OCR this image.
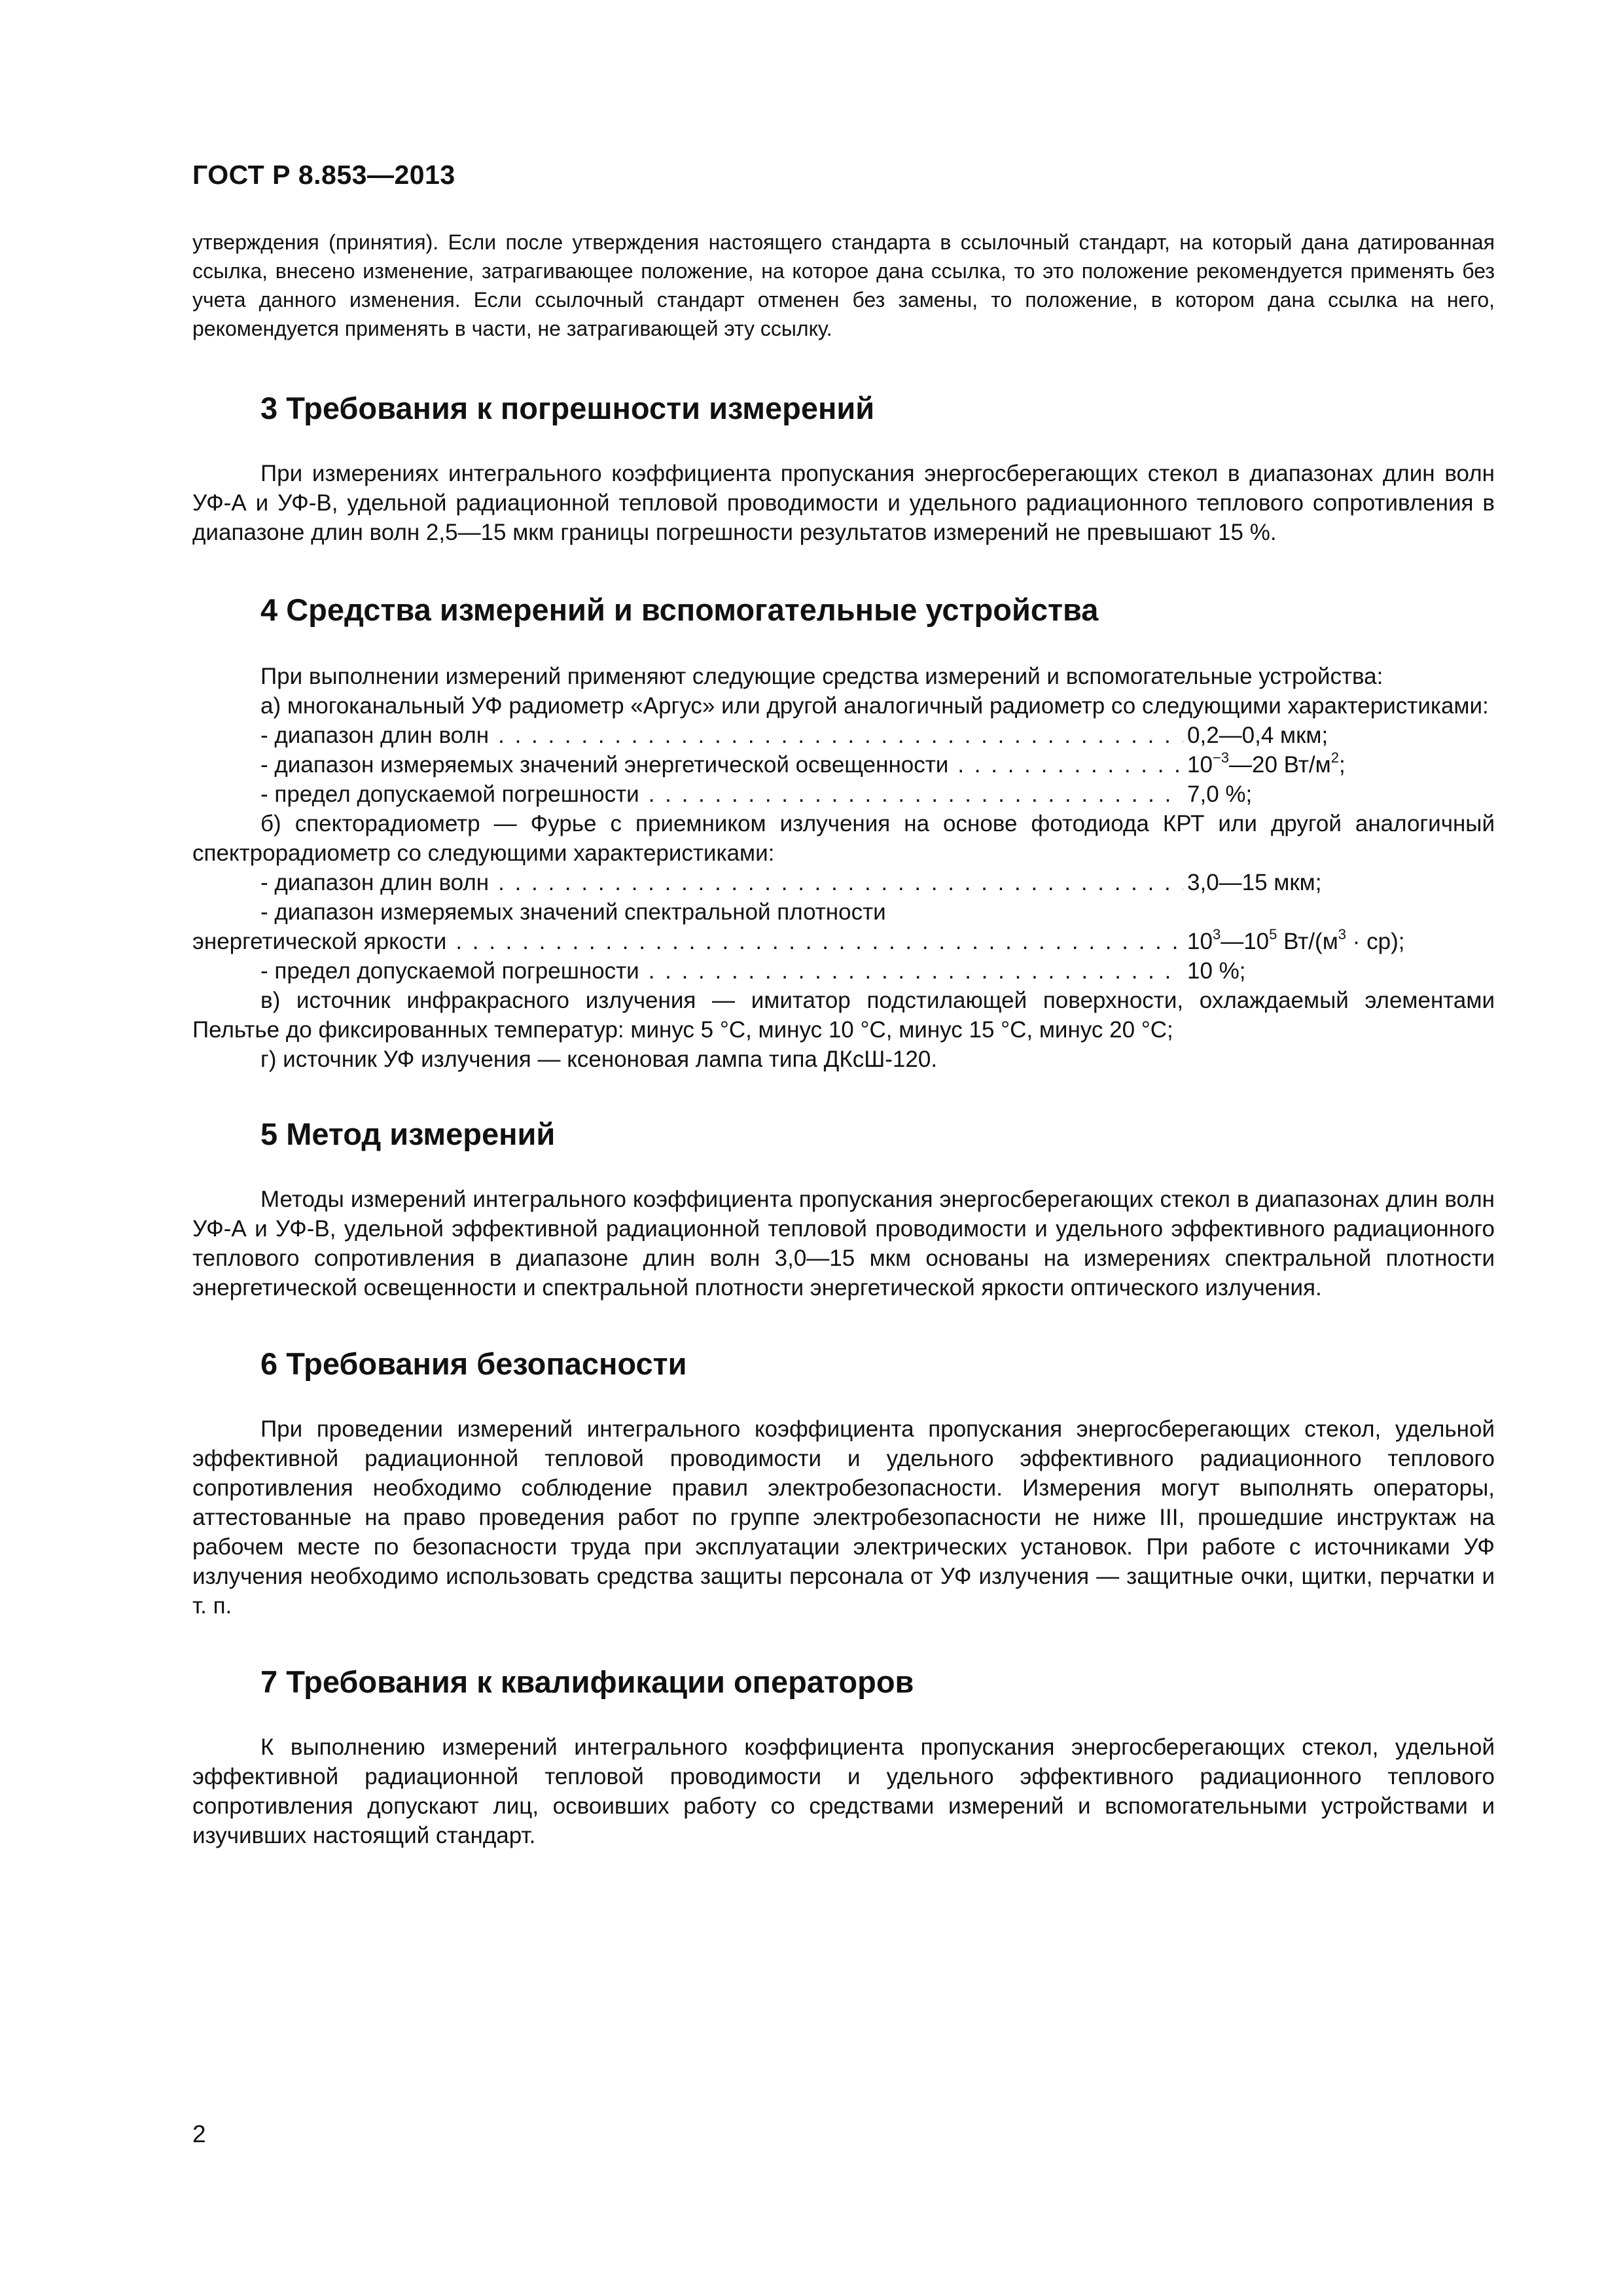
ГОСТ Р 8.853—2013

утверждения (принятия). Если после утверждения настоящего стандарта в ссылочный стандарт, на который дана датированная ссылка, внесено изменение, затрагивающее положение, на которое дана ссылка, то это положение рекомендуется применять без учета данного изменения. Если ссылочный стандарт отменен без замены, то положение, в котором дана ссылка на него, рекомендуется применять в части, не затрагивающей эту ссылку.

3 Требования к погрешности измерений

При измерениях интегрального коэффициента пропускания энергосберегающих стекол в диапазонах длин волн УФ-А и УФ-В, удельной радиационной тепловой проводимости и удельного радиационного теплового сопротивления в диапазоне длин волн 2,5—15 мкм границы погрешности результатов измерений не превышают 15 %.

4 Средства измерений и вспомогательные устройства

При выполнении измерений применяют следующие средства измерений и вспомогательные устройства:

а) многоканальный УФ радиометр «Аргус» или другой аналогичный радиометр со следующими характеристиками:

- диапазон длин волн . . .	0,2—0,4 мкм;
- диапазон измеряемых значений энергетической освещенности . . .	$10^{-3}—20$ $Вт/м^2$;
- предел допускаемой погрешности . . .	7,0 %;

б) спекторадиометр — Фурье с приемником излучения на основе фотодиода КРТ или другой аналогичный спектрорадиометр со следующими характеристиками:

- диапазон длин волн . . .	3,0—15 мкм;

- диапазон измеряемых значений спектральной плотности

энергетической яркости . . .	$10^3—10^5$ $Вт/(м^3 \cdot ср)$;
- предел допускаемой погрешности . . .	10 %;

в) источник инфракрасного излучения — имитатор подстилающей поверхности, охлаждаемый элементами Пельтье до фиксированных температур: минус 5 °С, минус 10 °С, минус 15 °С, минус 20 °С;

г) источник УФ излучения — ксеноновая лампа типа ДКсШ-120.

5 Метод измерений

Методы измерений интегрального коэффициента пропускания энергосберегающих стекол в диапазонах длин волн УФ-А и УФ-В, удельной эффективной радиационной тепловой проводимости и удельного эффективного радиационного теплового сопротивления в диапазоне длин волн 3,0—15 мкм основаны на измерениях спектральной плотности энергетической освещенности и спектральной плотности энергетической яркости оптического излучения.

6 Требования безопасности

При проведении измерений интегрального коэффициента пропускания энергосберегающих стекол, удельной эффективной радиационной тепловой проводимости и удельного эффективного радиационного теплового сопротивления необходимо соблюдение правил электробезопасности. Измерения могут выполнять операторы, аттестованные на право проведения работ по группе электробезопасности не ниже III, прошедшие инструктаж на рабочем месте по безопасности труда при эксплуатации электрических установок. При работе с источниками УФ излучения необходимо использовать средства защиты персонала от УФ излучения — защитные очки, щитки, перчатки и т. п.

7 Требования к квалификации операторов

К выполнению измерений интегрального коэффициента пропускания энергосберегающих стекол, удельной эффективной радиационной тепловой проводимости и удельного эффективного радиационного теплового сопротивления допускают лиц, освоивших работу со средствами измерений и вспомогательными устройствами и изучивших настоящий стандарт.

2
